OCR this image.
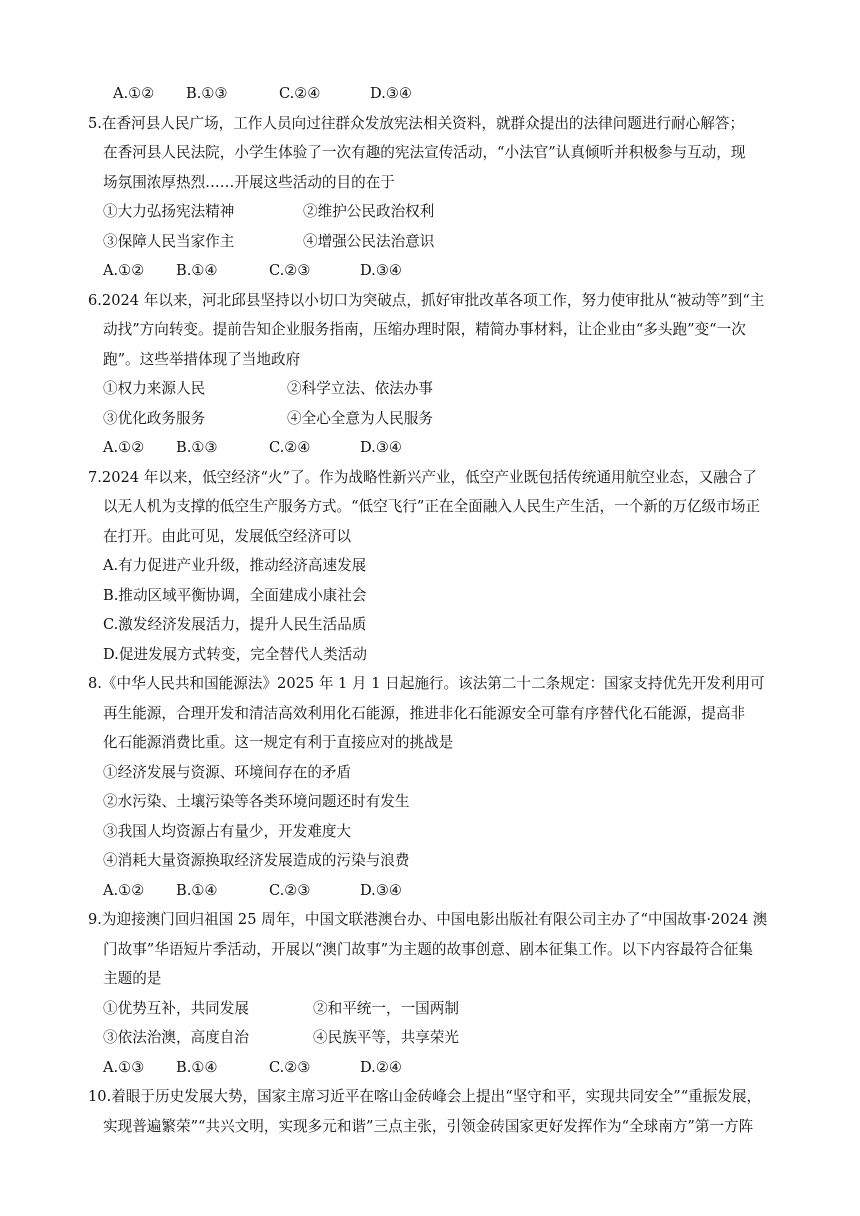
A.①② B.①③	C.②④	D.③④
5.在香河县人民广场，工作人员向过往群众发放宪法相关资料，就群众提出的法律问题进行耐心解答；
在香河县人民法院，小学生体验了一次有趣的宪法宣传活动，“小法官”认真倾听并积极参与互动，现
场氛围浓厚热烈……开展这些活动的目的在于
①大力弘扬宪法精神	②维护公民政治权利
③保障人民当家作主	④增强公民法治意识
A.①② B.①④	C.②③	D.③④
6.2024 年以来，河北邱县坚持以小切口为突破点，抓好审批改革各项工作，努力使审批从“被动等”到“主
动找”方向转变。提前告知企业服务指南，压缩办理时限，精简办事材料，让企业由“多头跑”变“一次
跑”。这些举措体现了当地政府
①权力来源人民	②科学立法、依法办事
③优化政务服务	④全心全意为人民服务
A.①② B.①③	C.②④	D.③④
7.2024 年以来，低空经济“火”了。作为战略性新兴产业，低空产业既包括传统通用航空业态，又融合了
以无人机为支撑的低空生产服务方式。“低空飞行”正在全面融入人民生产生活，一个新的万亿级市场正
在打开。由此可见，发展低空经济可以
A.有力促进产业升级，推动经济高速发展
B.推动区域平衡协调，全面建成小康社会
C.激发经济发展活力，提升人民生活品质
D.促进发展方式转变，完全替代人类活动
8.《中华人民共和国能源法》2025 年 1 月 1 日起施行。该法第二十二条规定：国家支持优先开发利用可
再生能源，合理开发和清洁高效利用化石能源，推进非化石能源安全可靠有序替代化石能源，提高非
化石能源消费比重。这一规定有利于直接应对的挑战是
①经济发展与资源、环境间存在的矛盾
②水污染、土壤污染等各类环境问题还时有发生
③我国人均资源占有量少，开发难度大
④消耗大量资源换取经济发展造成的污染与浪费
A.①② B.①④	C.②③	D.③④
9.为迎接澳门回归祖国 25 周年，中国文联港澳台办、中国电影出版社有限公司主办了“中国故事·2024 澳
门故事”华语短片季活动，开展以“澳门故事”为主题的故事创意、剧本征集工作。以下内容最符合征集
主题的是
①优势互补，共同发展	②和平统一，一国两制
③依法治澳，高度自治	④民族平等，共享荣光
A.①③ B.①④	C.②③	D.②④
10.着眼于历史发展大势，国家主席习近平在喀山金砖峰会上提出“坚守和平，实现共同安全”“重振发展，
实现普遍繁荣”“共兴文明，实现多元和谐”三点主张，引领金砖国家更好发挥作为“全球南方”第一方阵
